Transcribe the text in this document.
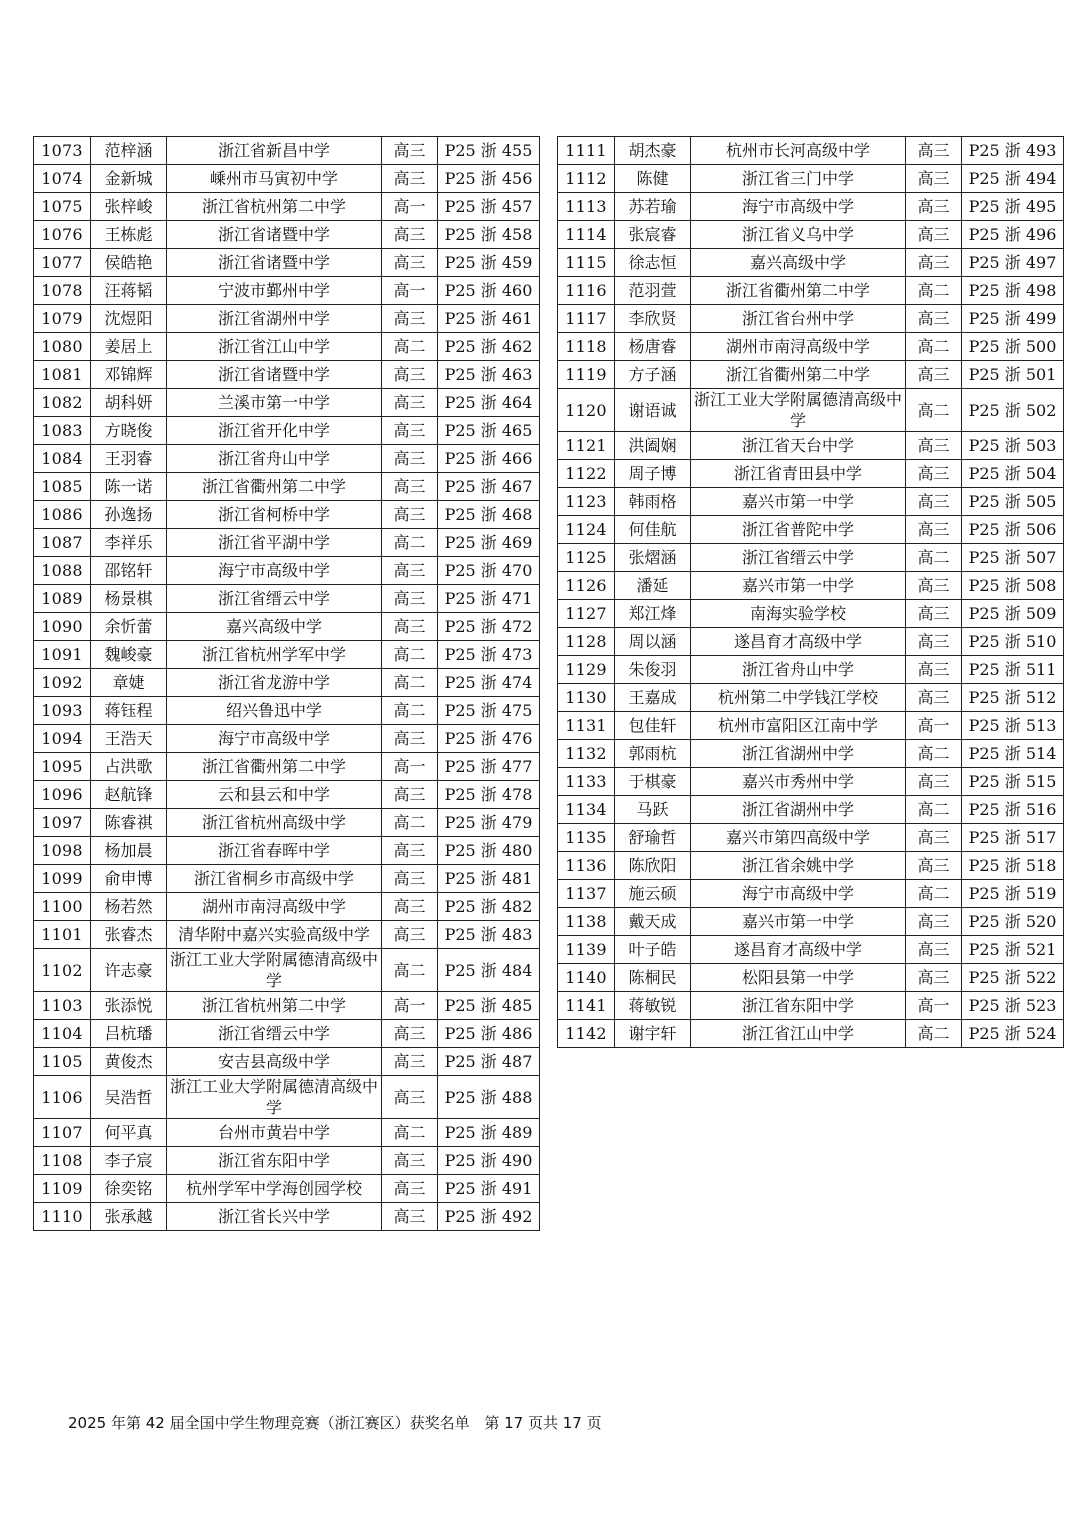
1073	范梓涵	浙江省新昌中学	高三	P25 浙 455
1074	金新城	嵊州市马寅初中学	高三	P25 浙 456
1075	张梓峻	浙江省杭州第二中学	高一	P25 浙 457
1076	王栋彪	浙江省诸暨中学	高三	P25 浙 458
1077	侯皓艳	浙江省诸暨中学	高三	P25 浙 459
1078	汪蒋韬	宁波市鄞州中学	高一	P25 浙 460
1079	沈煜阳	浙江省湖州中学	高三	P25 浙 461
1080	姜居上	浙江省江山中学	高二	P25 浙 462
1081	邓锦辉	浙江省诸暨中学	高三	P25 浙 463
1082	胡科妍	兰溪市第一中学	高三	P25 浙 464
1083	方晓俊	浙江省开化中学	高三	P25 浙 465
1084	王羽睿	浙江省舟山中学	高三	P25 浙 466
1085	陈一诺	浙江省衢州第二中学	高三	P25 浙 467
1086	孙逸扬	浙江省柯桥中学	高三	P25 浙 468
1087	李祥乐	浙江省平湖中学	高二	P25 浙 469
1088	邵铭轩	海宁市高级中学	高三	P25 浙 470
1089	杨景棋	浙江省缙云中学	高三	P25 浙 471
1090	余忻蕾	嘉兴高级中学	高三	P25 浙 472
1091	魏峻豪	浙江省杭州学军中学	高二	P25 浙 473
1092	章婕	浙江省龙游中学	高二	P25 浙 474
1093	蒋钰程	绍兴鲁迅中学	高二	P25 浙 475
1094	王浩天	海宁市高级中学	高三	P25 浙 476
1095	占洪歌	浙江省衢州第二中学	高一	P25 浙 477
1096	赵航锋	云和县云和中学	高三	P25 浙 478
1097	陈睿祺	浙江省杭州高级中学	高二	P25 浙 479
1098	杨加晨	浙江省春晖中学	高三	P25 浙 480
1099	俞申博	浙江省桐乡市高级中学	高三	P25 浙 481
1100	杨若然	湖州市南浔高级中学	高三	P25 浙 482
1101	张睿杰	清华附中嘉兴实验高级中学	高三	P25 浙 483
1102	许志豪	浙江工业大学附属德清高级中学	高二	P25 浙 484
1103	张添悦	浙江省杭州第二中学	高一	P25 浙 485
1104	吕杭璠	浙江省缙云中学	高三	P25 浙 486
1105	黄俊杰	安吉县高级中学	高三	P25 浙 487
1106	吴浩哲	浙江工业大学附属德清高级中学	高三	P25 浙 488
1107	何平真	台州市黄岩中学	高二	P25 浙 489
1108	李子宸	浙江省东阳中学	高三	P25 浙 490
1109	徐奕铭	杭州学军中学海创园学校	高三	P25 浙 491
1110	张承越	浙江省长兴中学	高三	P25 浙 492
1111	胡杰豪	杭州市长河高级中学	高三	P25 浙 493
1112	陈健	浙江省三门中学	高三	P25 浙 494
1113	苏若瑜	海宁市高级中学	高三	P25 浙 495
1114	张宸睿	浙江省义乌中学	高三	P25 浙 496
1115	徐志恒	嘉兴高级中学	高三	P25 浙 497
1116	范羽萱	浙江省衢州第二中学	高二	P25 浙 498
1117	李欣贤	浙江省台州中学	高三	P25 浙 499
1118	杨唐睿	湖州市南浔高级中学	高二	P25 浙 500
1119	方子涵	浙江省衢州第二中学	高三	P25 浙 501
1120	谢语诚	浙江工业大学附属德清高级中学	高二	P25 浙 502
1121	洪阖娴	浙江省天台中学	高三	P25 浙 503
1122	周子博	浙江省青田县中学	高三	P25 浙 504
1123	韩雨格	嘉兴市第一中学	高三	P25 浙 505
1124	何佳航	浙江省普陀中学	高三	P25 浙 506
1125	张熠涵	浙江省缙云中学	高二	P25 浙 507
1126	潘延	嘉兴市第一中学	高三	P25 浙 508
1127	郑江烽	南海实验学校	高三	P25 浙 509
1128	周以涵	遂昌育才高级中学	高三	P25 浙 510
1129	朱俊羽	浙江省舟山中学	高三	P25 浙 511
1130	王嘉成	杭州第二中学钱江学校	高三	P25 浙 512
1131	包佳轩	杭州市富阳区江南中学	高一	P25 浙 513
1132	郭雨杭	浙江省湖州中学	高二	P25 浙 514
1133	于棋豪	嘉兴市秀州中学	高三	P25 浙 515
1134	马跃	浙江省湖州中学	高二	P25 浙 516
1135	舒瑜哲	嘉兴市第四高级中学	高三	P25 浙 517
1136	陈欣阳	浙江省余姚中学	高三	P25 浙 518
1137	施云硕	海宁市高级中学	高二	P25 浙 519
1138	戴天成	嘉兴市第一中学	高三	P25 浙 520
1139	叶子皓	遂昌育才高级中学	高三	P25 浙 521
1140	陈桐民	松阳县第一中学	高三	P25 浙 522
1141	蒋敏锐	浙江省东阳中学	高一	P25 浙 523
1142	谢宇轩	浙江省江山中学	高二	P25 浙 524
2025 年第 42 届全国中学生物理竞赛（浙江赛区）获奖名单 第 17 页共 17 页
